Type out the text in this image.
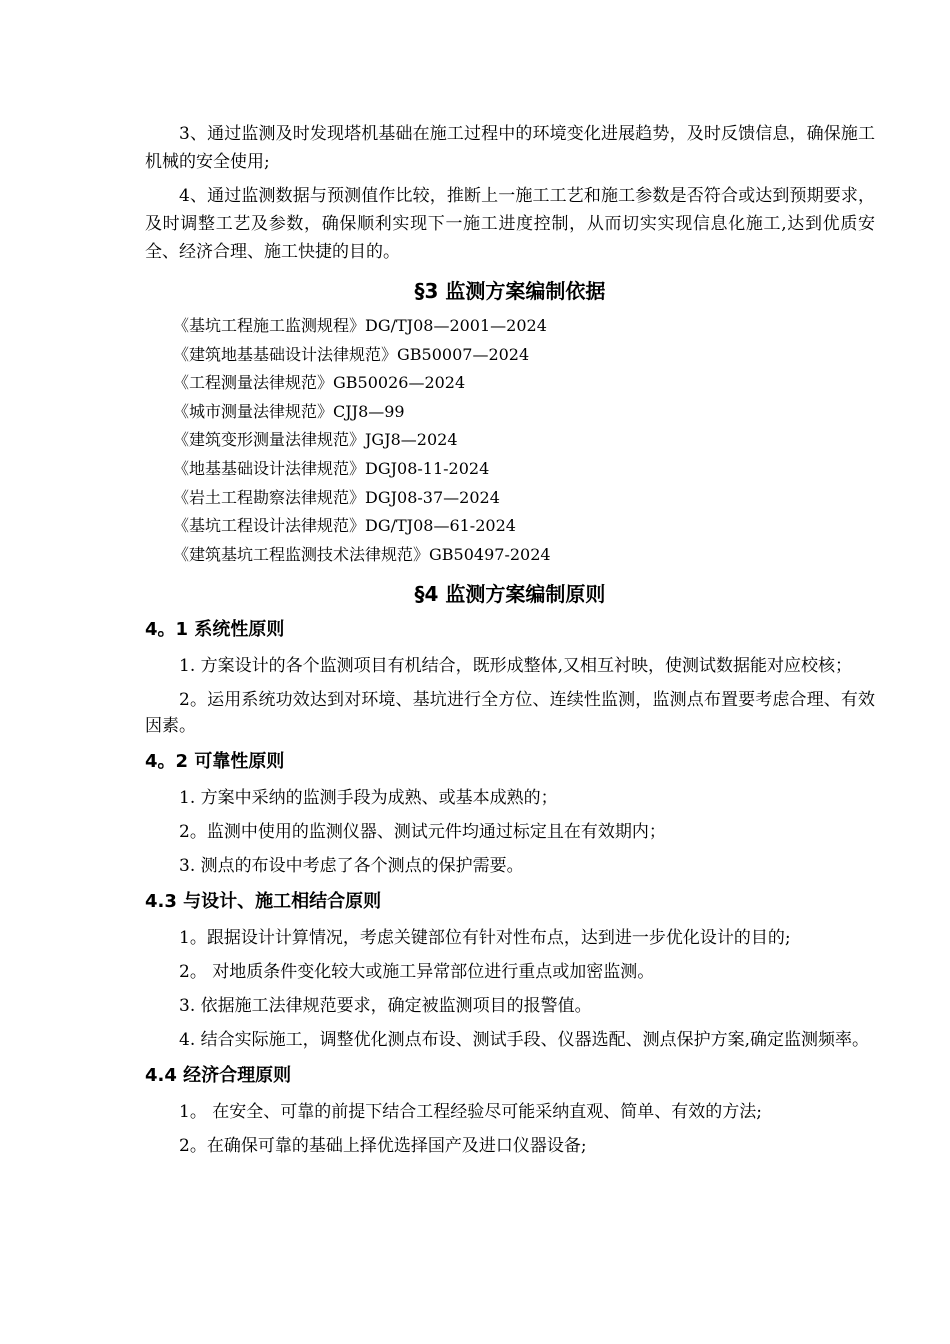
3、通过监测及时发现塔机基础在施工过程中的环境变化进展趋势，及时反馈信息，确保施工机械的安全使用;

4、通过监测数据与预测值作比较，推断上一施工工艺和施工参数是否符合或达到预期要求，及时调整工艺及参数，确保顺利实现下一施工进度控制，从而切实实现信息化施工,达到优质安全、经济合理、施工快捷的目的。

§3 监测方案编制依据
《基坑工程施工监测规程》DG/TJ08—2001—2024
《建筑地基基础设计法律规范》GB50007—2024
《工程测量法律规范》GB50026—2024
《城市测量法律规范》CJJ8—99
《建筑变形测量法律规范》JGJ8—2024
《地基基础设计法律规范》DGJ08-11-2024
《岩土工程勘察法律规范》DGJ08-37—2024
《基坑工程设计法律规范》DG/TJ08—61-2024
《建筑基坑工程监测技术法律规范》GB50497-2024
§4 监测方案编制原则
4。1 系统性原则

1. 方案设计的各个监测项目有机结合，既形成整体,又相互衬映，使测试数据能对应校核；

2。运用系统功效达到对环境、基坑进行全方位、连续性监测，监测点布置要考虑合理、有效因素。

4。2 可靠性原则

1. 方案中采纳的监测手段为成熟、或基本成熟的；

2。监测中使用的监测仪器、测试元件均通过标定且在有效期内；

3. 测点的布设中考虑了各个测点的保护需要。

4.3 与设计、施工相结合原则

1。跟据设计计算情况，考虑关键部位有针对性布点，达到进一步优化设计的目的;

2。 对地质条件变化较大或施工异常部位进行重点或加密监测。

3. 依据施工法律规范要求，确定被监测项目的报警值。

4. 结合实际施工，调整优化测点布设、测试手段、仪器选配、测点保护方案,确定监测频率。

4.4 经济合理原则

1。 在安全、可靠的前提下结合工程经验尽可能采纳直观、简单、有效的方法;

2。在确保可靠的基础上择优选择国产及进口仪器设备;
